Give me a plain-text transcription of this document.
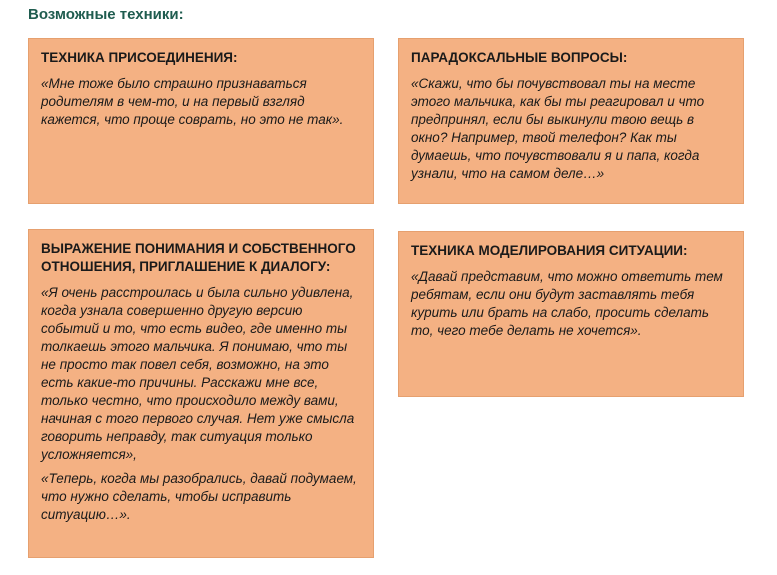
Возможные техники:

ТЕХНИКА ПРИСОЕДИНЕНИЯ:

«Мне тоже было страшно признаваться родителям в чем-то, и на первый взгляд кажется, что проще соврать, но это не так».

ПАРАДОКСАЛЬНЫЕ ВОПРОСЫ:

«Скажи, что бы почувствовал ты на месте этого мальчика, как бы ты реагировал и что предпринял, если бы выкинули твою вещь в окно? Например, твой телефон? Как ты думаешь, что почувствовали я и папа, когда узнали, что на самом деле…»

ВЫРАЖЕНИЕ ПОНИМАНИЯ И СОБСТВЕННОГО ОТНОШЕНИЯ, ПРИГЛАШЕНИЕ К ДИАЛОГУ:

«Я очень расстроилась и была сильно удивлена, когда узнала совершенно другую версию событий и то, что есть видео, где именно ты толкаешь этого мальчика. Я понимаю, что ты не просто так повел себя, возможно, на это есть какие-то причины. Расскажи мне все, только честно, что происходило между вами, начиная с того первого случая. Нет уже смысла говорить неправду, так ситуация только усложняется»,

«Теперь, когда мы разобрались, давай подумаем, что нужно сделать, чтобы исправить ситуацию…».

ТЕХНИКА МОДЕЛИРОВАНИЯ СИТУАЦИИ:

«Давай представим, что можно ответить тем ребятам, если они будут заставлять тебя курить или брать на слабо, просить сделать то, чего тебе делать не хочется».
